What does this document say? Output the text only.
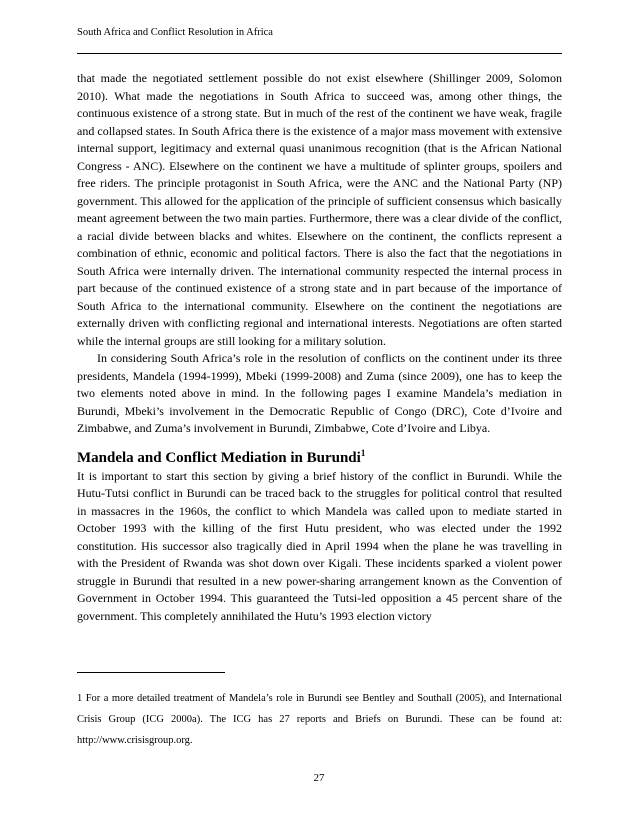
South Africa and Conflict Resolution in Africa

that made the negotiated settlement possible do not exist elsewhere (Shillinger 2009, Solomon 2010). What made the negotiations in South Africa to succeed was, among other things, the continuous existence of a strong state. But in much of the rest of the continent we have weak, fragile and collapsed states. In South Africa there is the existence of a major mass movement with extensive internal support, legitimacy and external quasi unanimous recognition (that is the African National Congress - ANC). Elsewhere on the continent we have a multitude of splinter groups, spoilers and free riders. The principle protagonist in South Africa, were the ANC and the National Party (NP) government. This allowed for the application of the principle of sufficient consensus which basically meant agreement between the two main parties. Furthermore, there was a clear divide of the conflict, a racial divide between blacks and whites. Elsewhere on the continent, the conflicts represent a combination of ethnic, economic and political factors. There is also the fact that the negotiations in South Africa were internally driven. The international community respected the internal process in part because of the continued existence of a strong state and in part because of the importance of South Africa to the international community. Elsewhere on the continent the negotiations are externally driven with conflicting regional and international interests. Negotiations are often started while the internal groups are still looking for a military solution.

In considering South Africa’s role in the resolution of conflicts on the continent under its three presidents, Mandela (1994-1999), Mbeki (1999-2008) and Zuma (since 2009), one has to keep the two elements noted above in mind. In the following pages I examine Mandela’s mediation in Burundi, Mbeki’s involvement in the Democratic Republic of Congo (DRC), Cote d’Ivoire and Zimbabwe, and Zuma’s involvement in Burundi, Zimbabwe, Cote d’Ivoire and Libya.

Mandela and Conflict Mediation in Burundi$^1$

It is important to start this section by giving a brief history of the conflict in Burundi. While the Hutu-Tutsi conflict in Burundi can be traced back to the struggles for political control that resulted in massacres in the 1960s, the conflict to which Mandela was called upon to mediate started in October 1993 with the killing of the first Hutu president, who was elected under the 1992 constitution. His successor also tragically died in April 1994 when the plane he was travelling in with the President of Rwanda was shot down over Kigali. These incidents sparked a violent power struggle in Burundi that resulted in a new power-sharing arrangement known as the Convention of Government in October 1994. This guaranteed the Tutsi-led opposition a 45 percent share of the government. This completely annihilated the Hutu’s 1993 election victory

1 For a more detailed treatment of Mandela’s role in Burundi see Bentley and Southall (2005), and International Crisis Group (ICG 2000a). The ICG has 27 reports and Briefs on Burundi. These can be found at: http://www.crisisgroup.org.
27
